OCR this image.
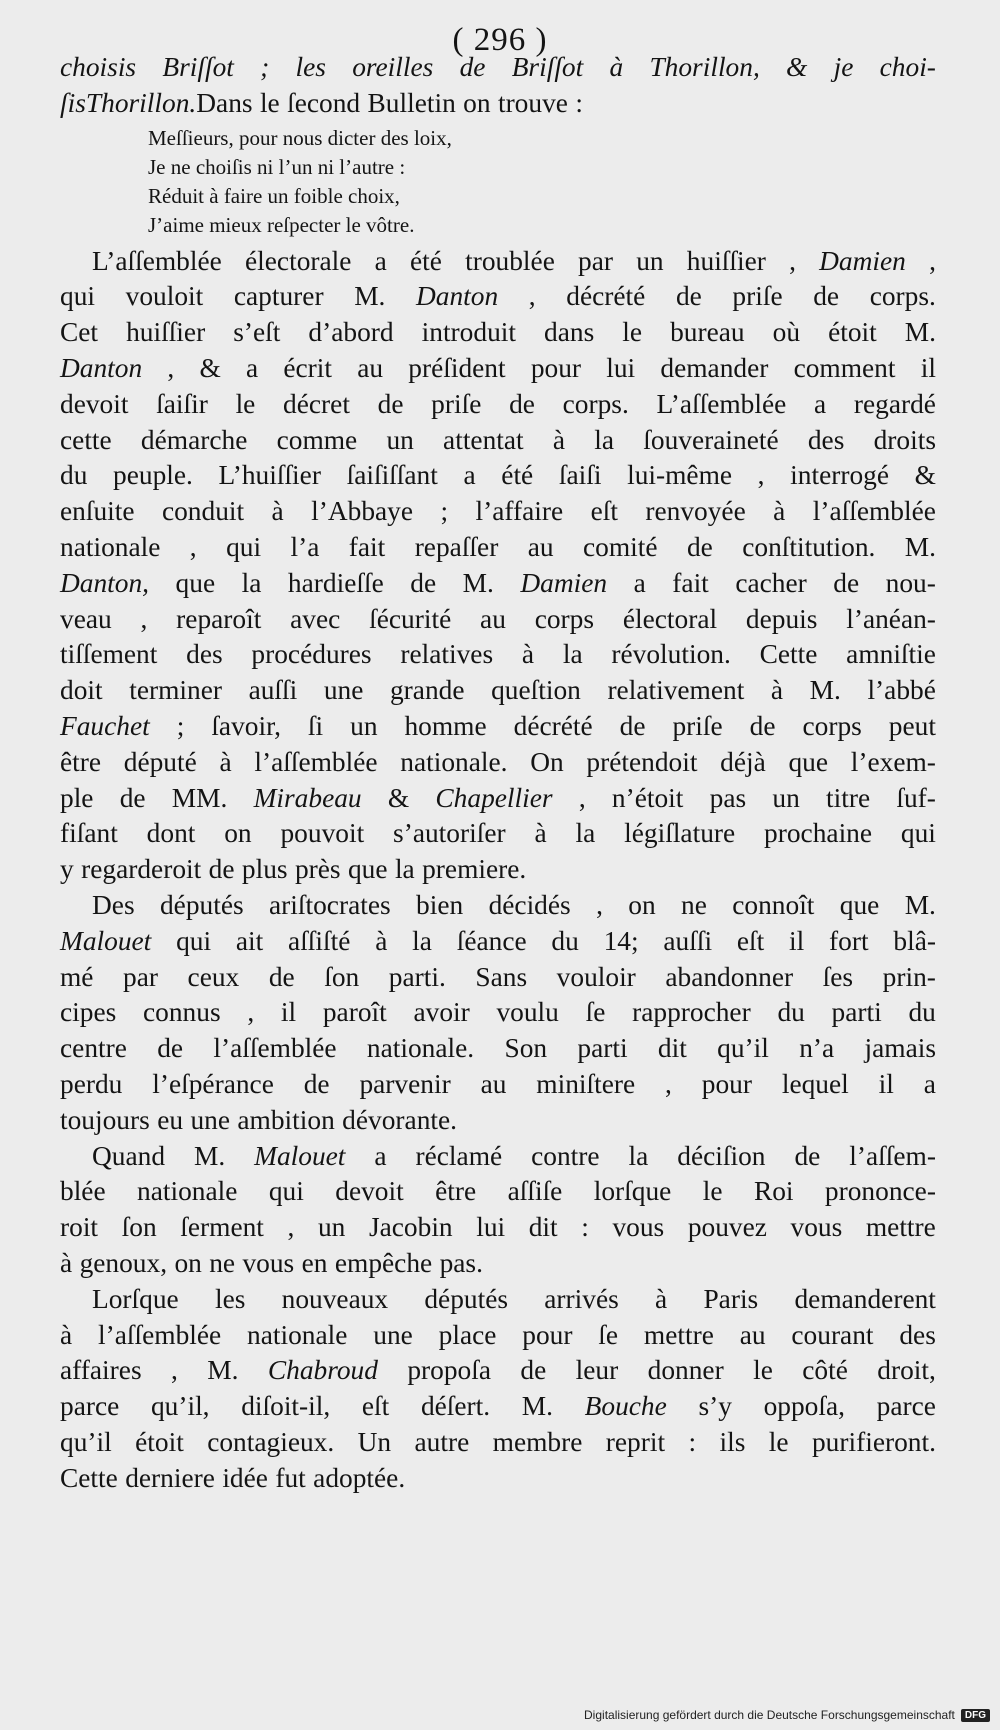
( 296 )
choisis Briſſot ; les oreilles de Briſſot à Thorillon, & je choi-
ſis Thorillon. Dans le ſecond Bulletin on trouve :
Meſſieurs, pour nous dicter des loix,
Je ne choiſis ni l’un ni l’autre :
Réduit à faire un foible choix,
J’aime mieux reſpecter le vôtre.
L’aſſemblée électorale a été troublée par un huiſſier , Damien ,
qui vouloit capturer M. Danton , décrété de priſe de corps.
Cet huiſſier s’eſt d’abord introduit dans le bureau où étoit M.
Danton , & a écrit au préſident pour lui demander comment il
devoit ſaiſir le décret de priſe de corps. L’aſſemblée a regardé
cette démarche comme un attentat à la ſouveraineté des droits
du peuple. L’huiſſier ſaiſiſſant a été ſaiſi lui-même , interrogé &
enſuite conduit à l’Abbaye ; l’affaire eſt renvoyée à l’aſſemblée
nationale , qui l’a fait repaſſer au comité de conſtitution. M.
Danton, que la hardieſſe de M. Damien a fait cacher de nou-
veau , reparoît avec ſécurité au corps électoral depuis l’anéan-
tiſſement des procédures relatives à la révolution. Cette amniſtie
doit terminer auſſi une grande queſtion relativement à M. l’abbé
Fauchet ; ſavoir, ſi un homme décrété de priſe de corps peut
être député à l’aſſemblée nationale. On prétendoit déjà que l’exem-
ple de MM. Mirabeau & Chapellier , n’étoit pas un titre ſuf-
fiſant dont on pouvoit s’autoriſer à la légiſlature prochaine qui
y regarderoit de plus près que la premiere.
Des députés ariſtocrates bien décidés , on ne connoît que M.
Malouet qui ait aſſiſté à la ſéance du 14; auſſi eſt il fort blâ-
mé par ceux de ſon parti. Sans vouloir abandonner ſes prin-
cipes connus , il paroît avoir voulu ſe rapprocher du parti du
centre de l’aſſemblée nationale. Son parti dit qu’il n’a jamais
perdu l’eſpérance de parvenir au miniſtere , pour lequel il a
toujours eu une ambition dévorante.
Quand M. Malouet a réclamé contre la déciſion de l’aſſem-
blée nationale qui devoit être aſſiſe lorſque le Roi prononce-
roit ſon ſerment , un Jacobin lui dit : vous pouvez vous mettre
à genoux, on ne vous en empêche pas.
Lorſque les nouveaux députés arrivés à Paris demanderent
à l’aſſemblée nationale une place pour ſe mettre au courant des
affaires , M. Chabroud propoſa de leur donner le côté droit,
parce qu’il, diſoit-il, eſt déſert. M. Bouche s’y oppoſa, parce
qu’il étoit contagieux. Un autre membre reprit : ils le purifieront.
Cette derniere idée fut adoptée.
Digitalisierung gefördert durch die Deutsche Forschungsgemeinschaft	DFG
